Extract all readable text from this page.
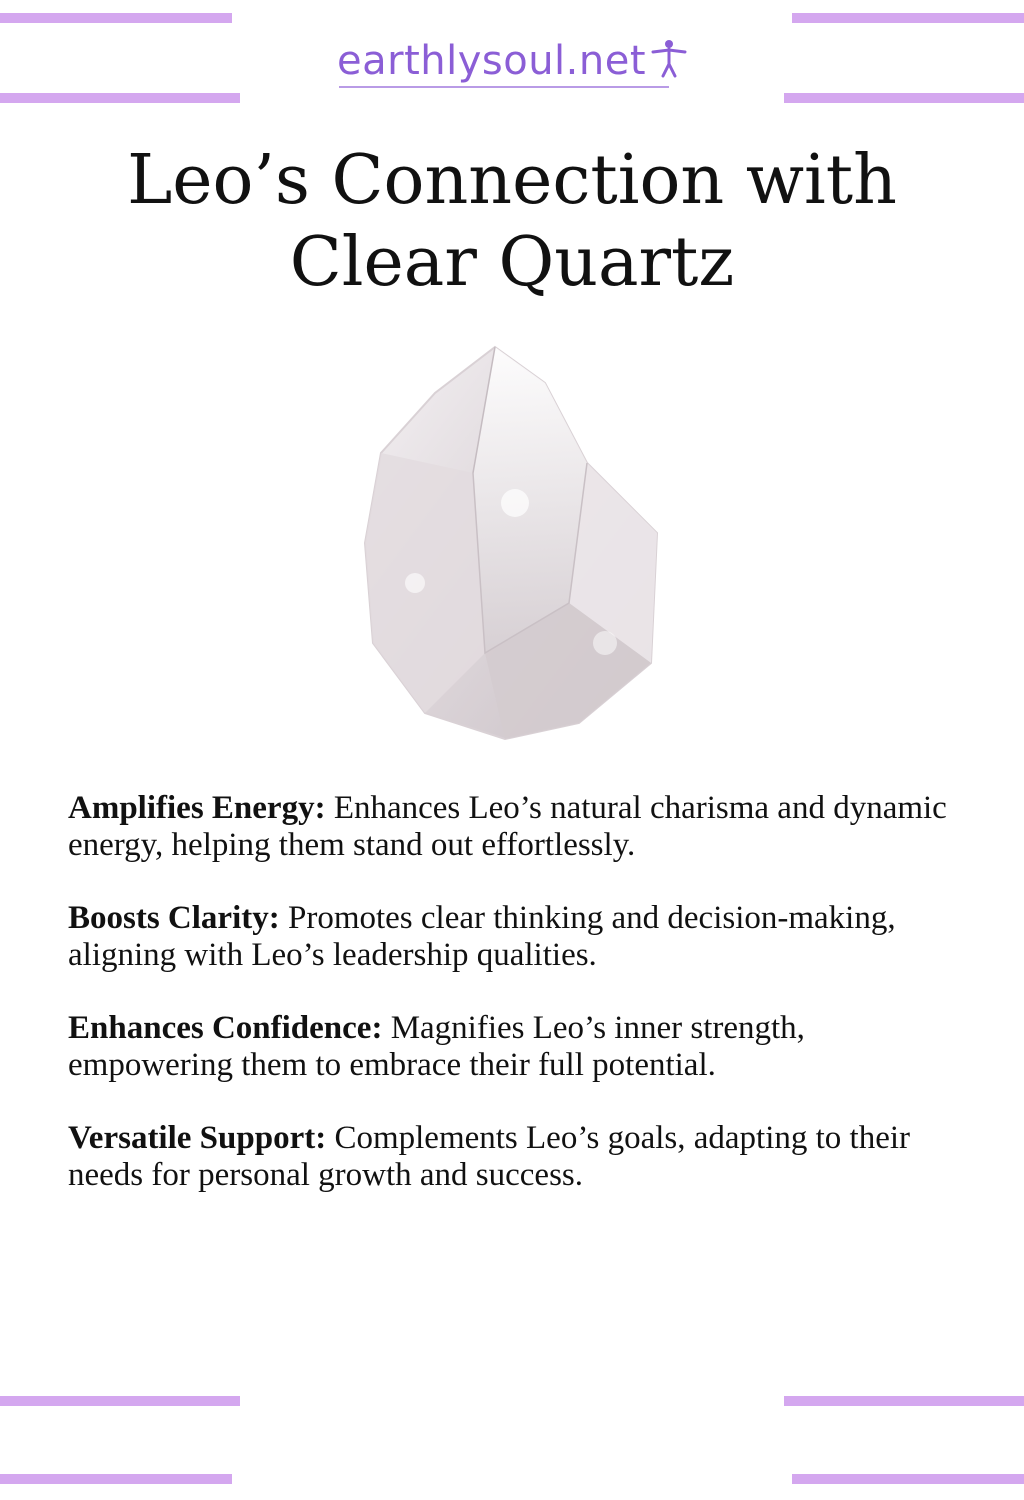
earthlysoul.net
Leo’s Connection with
Clear Quartz

Amplifies Energy: Enhances Leo’s natural charisma and dynamic energy, helping them stand out effortlessly.

Boosts Clarity: Promotes clear thinking and decision-making, aligning with Leo’s leadership qualities.

Enhances Confidence: Magnifies Leo’s inner strength, empowering them to embrace their full potential.

Versatile Support: Complements Leo’s goals, adapting to their needs for personal growth and success.
